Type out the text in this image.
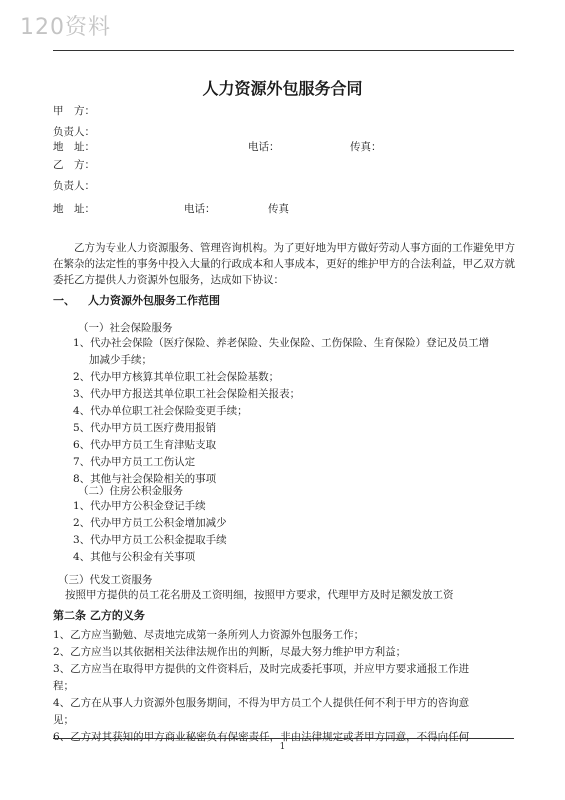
120资料
人力资源外包服务合同
甲　方：
负责人：
地　址：	电话：	传真：
乙　方：
负责人：
地　址：	电话：	传真
乙方为专业人力资源服务、管理咨询机构。为了更好地为甲方做好劳动人事方面的工作避免甲方在繁杂的法定性的事务中投入大量的行政成本和人事成本，更好的维护甲方的合法利益，甲乙双方就委托乙方提供人力资源外包服务，达成如下协议：
一、 人力资源外包服务工作范围
（一）社会保险服务
1、代办社会保险（医疗保险、养老保险、失业保险、工伤保险、生育保险）登记及员工增
加减少手续；
2、代办甲方核算其单位职工社会保险基数；
3、代办甲方报送其单位职工社会保险相关报表；
4、代办单位职工社会保险变更手续；
5、代办甲方员工医疗费用报销
6、代办甲方员工生育津贴支取
7、代办甲方员工工伤认定
8、其他与社会保险相关的事项
（二）住房公积金服务
1、代办甲方公积金登记手续
2、代办甲方员工公积金增加减少
3、代办甲方员工公积金提取手续
4、其他与公积金有关事项
（三）代发工资服务
按照甲方提供的员工花名册及工资明细，按照甲方要求，代理甲方及时足额发放工资
第二条 乙方的义务
1、乙方应当勤勉、尽责地完成第一条所列人力资源外包服务工作；
2、乙方应当以其依据相关法律法规作出的判断，尽最大努力维护甲方利益；
3、乙方应当在取得甲方提供的文件资料后，及时完成委托事项，并应甲方要求通报工作进
程；
4、乙方在从事人力资源外包服务期间，不得为甲方员工个人提供任何不利于甲方的咨询意
见；
6、乙方对其获知的甲方商业秘密负有保密责任，非由法律规定或者甲方同意，不得向任何
1
